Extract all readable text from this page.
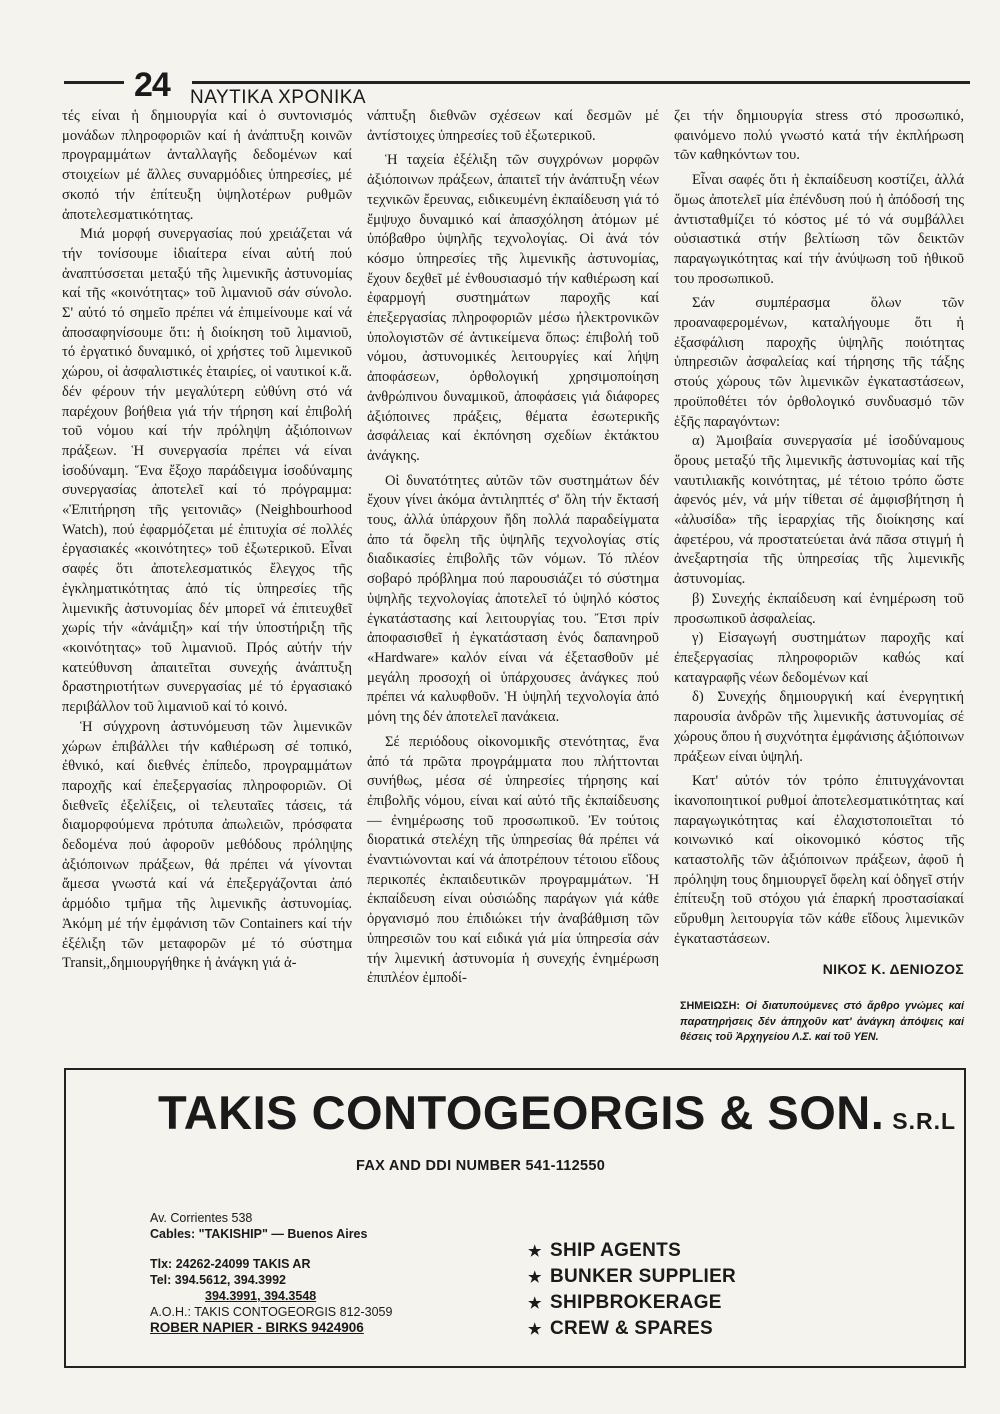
24 ΝΑΥΤΙΚΑ ΧΡΟΝΙΚΑ

τές είναι ἡ δημιουργία καί ὁ συντονισμός μονάδων πληροφοριῶν καί ἡ ἀνάπτυξη κοινῶν προγραμμάτων ἀνταλλαγῆς δεδομένων καί στοιχείων μέ ἄλλες συναρμόδιες ὑπηρεσίες, μέ σκοπό τήν ἐπίτευξη ὑψηλοτέρων ρυθμῶν ἀποτελεσματικότητας.

Μιά μορφή συνεργασίας πού χρειάζεται νά τήν τονίσουμε ἰδιαίτερα είναι αὐτή πού ἀναπτύσσεται μεταξύ τῆς λιμενικῆς ἀστυνομίας καί τῆς «κοινότητας» τοῦ λιμανιοῦ σάν σύνολο. Σ' αὐτό τό σημεῖο πρέπει νά ἐπιμείνουμε καί νά ἀποσαφηνίσουμε ὅτι: ἡ διοίκηση τοῦ λιμανιοῦ, τό ἐργατικό δυναμικό, οἱ χρήστες τοῦ λιμενικοῦ χώρου, οἱ ἀσφαλιστικές ἑταιρίες, οἱ ναυτικοί κ.ἄ. δέν φέρουν τήν μεγαλύτερη εὐθύνη στό νά παρέχουν βοήθεια γιά τήν τήρηση καί ἐπιβολή τοῦ νόμου καί τήν πρόληψη ἀξιόποινων πράξεων. Ἡ συνεργασία πρέπει νά είναι ἰσοδύναμη. Ἕνα ἔξοχο παράδειγμα ἰσοδύναμης συνεργασίας ἀποτελεῖ καί τό πρόγραμμα: «Ἐπιτήρηση τῆς γειτονιᾶς» (Neighbourhood Watch), πού ἐφαρμόζεται μέ ἐπιτυχία σέ πολλές ἐργασιακές «κοινότητες» τοῦ ἐξωτερικοῦ. Εἶναι σαφές ὅτι ἀποτελεσματικός ἔλεγχος τῆς ἐγκληματικότητας ἀπό τίς ὑπηρεσίες τῆς λιμενικῆς ἀστυνομίας δέν μπορεῖ νά ἐπιτευχθεῖ χωρίς τήν «ἀνάμιξη» καί τήν ὑποστήριξη τῆς «κοινότητας» τοῦ λιμανιοῦ. Πρός αὐτήν τήν κατεύθυνση ἀπαιτεῖται συνεχής ἀνάπτυξη δραστηριοτήτων συνεργασίας μέ τό ἐργασιακό περιβάλλον τοῦ λιμανιοῦ καί τό κοινό.

Ἡ σύγχρονη ἀστυνόμευση τῶν λιμενικῶν χώρων ἐπιβάλλει τήν καθιέρωση σέ τοπικό, ἐθνικό, καί διεθνές ἐπίπεδο, προγραμμάτων παροχῆς καί ἐπεξεργασίας πληροφοριῶν. Οἱ διεθνεῖς ἐξελίξεις, οἱ τελευταῖες τάσεις, τά διαμορφούμενα πρότυπα ἀπωλειῶν, πρόσφατα δεδομένα πού ἀφοροῦν μεθόδους πρόληψης ἀξιόποινων πράξεων, θά πρέπει νά γίνονται ἄμεσα γνωστά καί νά ἐπεξεργάζονται ἀπό ἁρμόδιο τμῆμα τῆς λιμενικῆς ἀστυνομίας. Ἀκόμη μέ τήν ἐμφάνιση τῶν Containers καί τήν ἐξέλιξη τῶν μεταφορῶν μέ τό σύστημα Transit,,δημιουργήθηκε ἡ ἀνάγκη γιά ἀ-

νάπτυξη διεθνῶν σχέσεων καί δεσμῶν μέ ἀντίστοιχες ὑπηρεσίες τοῦ ἐξωτερικοῦ.

Ἡ ταχεία ἐξέλιξη τῶν συγχρόνων μορφῶν ἀξιόποινων πράξεων, ἀπαιτεῖ τήν ἀνάπτυξη νέων τεχνικῶν ἔρευνας, ειδικευμένη ἐκπαίδευση γιά τό ἔμψυχο δυναμικό καί ἀπασχόληση ἀτόμων μέ ὑπόβαθρο ὑψηλῆς τεχνολογίας. Οἱ ἀνά τόν κόσμο ὑπηρεσίες τῆς λιμενικῆς ἀστυνομίας, ἔχουν δεχθεῖ μέ ἐνθουσιασμό τήν καθιέρωση καί ἐφαρμογή συστημάτων παροχῆς καί ἐπεξεργασίας πληροφοριῶν μέσω ἠλεκτρονικῶν ὑπολογιστῶν σέ ἀντικείμενα ὅπως: ἐπιβολή τοῦ νόμου, ἀστυνομικές λειτουργίες καί λήψη ἀποφάσεων, ὀρθολογική χρησιμοποίηση ἀνθρώπινου δυναμικοῦ, ἀποφάσεις γιά διάφορες ἀξιόποινες πράξεις, θέματα ἐσωτερικῆς ἀσφάλειας καί ἐκπόνηση σχεδίων ἐκτάκτου ἀνάγκης.

Οἱ δυνατότητες αὐτῶν τῶν συστημάτων δέν ἔχουν γίνει ἀκόμα ἀντιληπτές σ' ὅλη τήν ἔκτασή τους, ἀλλά ὑπάρχουν ἤδη πολλά παραδείγματα ἀπο τά ὄφελη τῆς ὑψηλῆς τεχνολογίας στίς διαδικασίες ἐπιβολῆς τῶν νόμων. Τό πλέον σοβαρό πρόβλημα πού παρουσιάζει τό σύστημα ὑψηλῆς τεχνολογίας ἀποτελεῖ τό ὑψηλό κόστος ἐγκατάστασης καί λειτουργίας του. Ἔτσι πρίν ἀποφασισθεῖ ἡ ἐγκατάσταση ἑνός δαπανηροῦ «Hardware» καλόν είναι νά ἐξετασθοῦν μέ μεγάλη προσοχή οἱ ὑπάρχουσες ἀνάγκες πού πρέπει νά καλυφθοῦν. Ἡ ὑψηλή τεχνολογία ἀπό μόνη της δέν ἀποτελεῖ πανάκεια.

Σέ περιόδους οἰκονομικῆς στενότητας, ἕνα ἀπό τά πρῶτα προγράμματα που πλήττονται συνήθως, μέσα σέ ὑπηρεσίες τήρησης καί ἐπιβολῆς νόμου, είναι καί αὐτό τῆς ἐκπαίδευσης — ἐνημέρωσης τοῦ προσωπικοῦ. Ἐν τούτοις διορατικά στελέχη τῆς ὑπηρεσίας θά πρέπει νά ἐναντιώνονται καί νά ἀποτρέπουν τέτοιου εἴδους περικοπές ἐκπαιδευτικῶν προγραμμάτων. Ἡ ἐκπαίδευση είναι οὐσιώδης παράγων γιά κάθε ὀργανισμό που ἐπιδιώκει τήν ἀναβάθμιση τῶν ὑπηρεσιῶν του καί ειδικά γιά μία ὑπηρεσία σάν τήν λιμενική ἀστυνομία ἡ συνεχής ἐνημέρωση ἐπιπλέον ἐμποδί-

ζει τήν δημιουργία stress στό προσωπικό, φαινόμενο πολύ γνωστό κατά τήν ἐκπλήρωση τῶν καθηκόντων του.

Εἶναι σαφές ὅτι ἡ ἐκπαίδευση κοστίζει, ἀλλά ὅμως ἀποτελεῖ μία ἐπένδυση πού ἡ ἀπόδοσή της ἀντισταθμίζει τό κόστος μέ τό νά συμβάλλει οὐσιαστικά στήν βελτίωση τῶν δεικτῶν παραγωγικότητας καί τήν ἀνύψωση τοῦ ἠθικοῦ του προσωπικοῦ.

Σάν συμπέρασμα ὅλων τῶν προαναφερομένων, καταλήγουμε ὅτι ἡ ἐξασφάλιση παροχῆς ὑψηλῆς ποιότητας ὑπηρεσιῶν ἀσφαλείας καί τήρησης τῆς τάξης στούς χώρους τῶν λιμενικῶν ἐγκαταστάσεων, προϋποθέτει τόν ὀρθολογικό συνδυασμό τῶν ἑξῆς παραγόντων:

α) Ἀμοιβαία συνεργασία μέ ἰσοδύναμους ὅρους μεταξύ τῆς λιμενικῆς ἀστυνομίας καί τῆς ναυτιλιακῆς κοινότητας, μέ τέτοιο τρόπο ὥστε ἀφενός μέν, νά μήν τίθεται σέ ἀμφισβήτηση ἡ «ἀλυσίδα» τῆς ἱεραρχίας τῆς διοίκησης καί ἀφετέρου, νά προστατεύεται ἀνά πᾶσα στιγμή ἡ ἀνεξαρτησία τῆς ὑπηρεσίας τῆς λιμενικῆς ἀστυνομίας.

β) Συνεχής ἐκπαίδευση καί ἐνημέρωση τοῦ προσωπικοῦ ἀσφαλείας.

γ) Εἰσαγωγή συστημάτων παροχῆς καί ἐπεξεργασίας πληροφοριῶν καθώς καί καταγραφῆς νέων δεδομένων καί

δ) Συνεχής δημιουργική καί ἐνεργητική παρουσία ἀνδρῶν τῆς λιμενικῆς ἀστυνομίας σέ χώρους ὅπου ἡ συχνότητα ἐμφάνισης ἀξιόποινων πράξεων είναι ὑψηλή.

Κατ' αὐτόν τόν τρόπο ἐπιτυγχάνονται ἱκανοποιητικοί ρυθμοί ἀποτελεσματικότητας καί παραγωγικότητας καί ἐλαχιστοποιεῖται τό κοινωνικό καί οἰκονομικό κόστος τῆς καταστολῆς τῶν ἀξιόποινων πράξεων, ἀφοῦ ἡ πρόληψη τους δημιουργεῖ ὄφελη καί ὁδηγεῖ στήν ἐπίτευξη τοῦ στόχου γιά ἐπαρκή προστασίακαί εὔρυθμη λειτουργία τῶν κάθε εἴδους λιμενικῶν ἐγκαταστάσεων.

ΝΙΚΟΣ Κ. ΔΕΝΙΟΖΟΣ

ΣΗΜΕΙΩΣΗ: Οἱ διατυπούμενες στό ἄρθρο γνώμες καί παρατηρήσεις δέν ἀπηχοῦν κατ' ἀνάγκη ἀπόψεις καί θέσεις τοῦ Ἀρχηγείου Λ.Σ. καί τοῦ ΥΕΝ.

TAKIS CONTOGEORGIS & SON. S.R.L
FAX AND DDI NUMBER 541-112550
Av. Corrientes 538
Cables: "TAKISHIP" — Buenos Aires
Tlx: 24262-24099 TAKIS AR
Tel: 394.5612, 394.3992
394.3991, 394.3548
A.O.H.: TAKIS CONTOGEORGIS 812-3059
ROBER NAPIER - BIRKS 9424906
★ SHIP AGENTS
★ BUNKER SUPPLIER
★ SHIPBROKERAGE
★ CREW & SPARES
